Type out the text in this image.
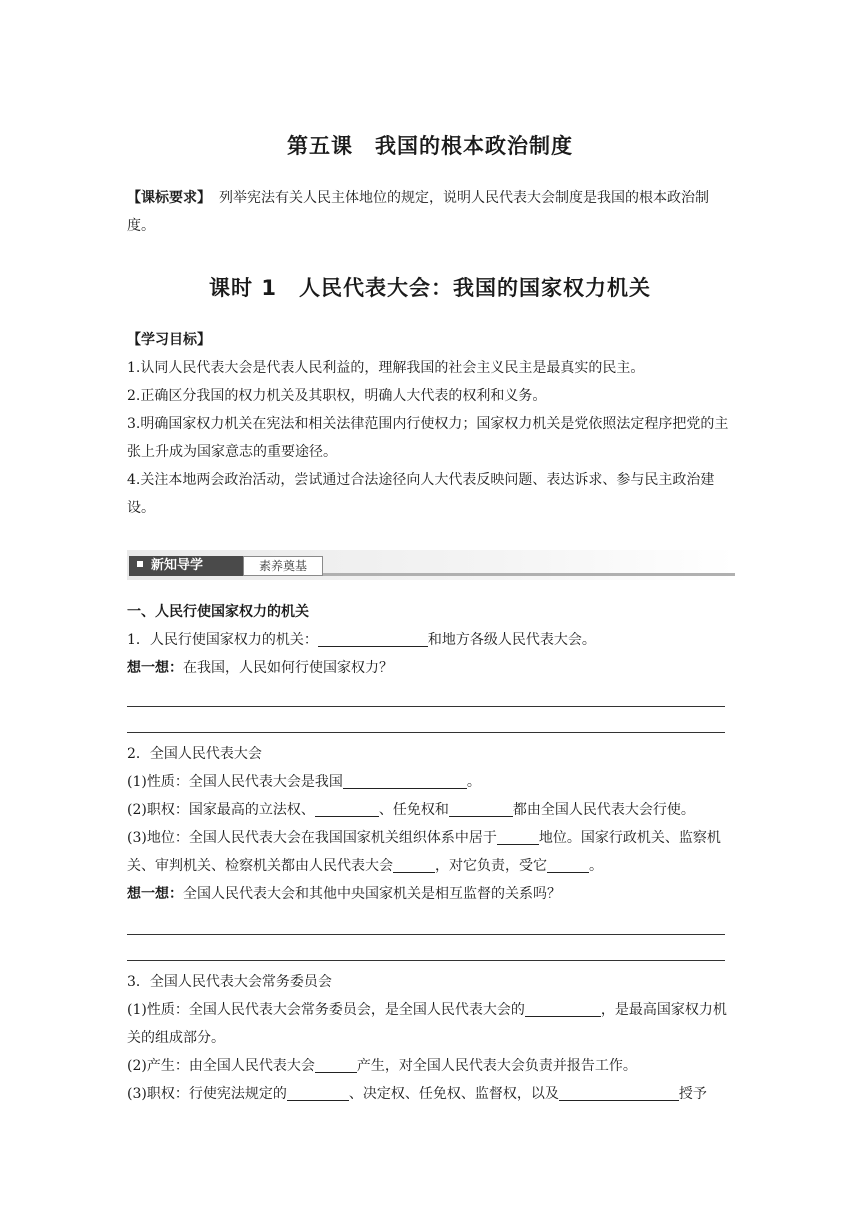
第五课　我国的根本政治制度
【课标要求】 列举宪法有关人民主体地位的规定，说明人民代表大会制度是我国的根本政治制度。
课时 1　人民代表大会：我国的国家权力机关

【学习目标】

1.认同人民代表大会是代表人民利益的，理解我国的社会主义民主是最真实的民主。

2.正确区分我国的权力机关及其职权，明确人大代表的权利和义务。

3.明确国家权力机关在宪法和相关法律范围内行使权力；国家权力机关是党依照法定程序把党的主张上升成为国家意志的重要途径。

4.关注本地两会政治活动，尝试通过合法途径向人大代表反映问题、表达诉求、参与民主政治建设。

新知导学	素养奠基

一、人民行使国家权力的机关

1．人民行使国家权力的机关：	和地方各级人民代表大会。

想一想：在我国，人民如何行使国家权力？

2．全国人民代表大会

(1)性质：全国人民代表大会是我国	。

(2)职权：国家最高的立法权、	、任免权和	都由全国人民代表大会行使。

(3)地位：全国人民代表大会在我国国家机关组织体系中居于	地位。国家行政机关、监察机关、审判机关、检察机关都由人民代表大会	，对它负责，受它	。

想一想：全国人民代表大会和其他中央国家机关是相互监督的关系吗？

3．全国人民代表大会常务委员会

(1)性质：全国人民代表大会常务委员会，是全国人民代表大会的	，是最高国家权力机关的组成部分。

(2)产生：由全国人民代表大会	产生，对全国人民代表大会负责并报告工作。

(3)职权：行使宪法规定的	、决定权、任免权、监督权，以及	授予
